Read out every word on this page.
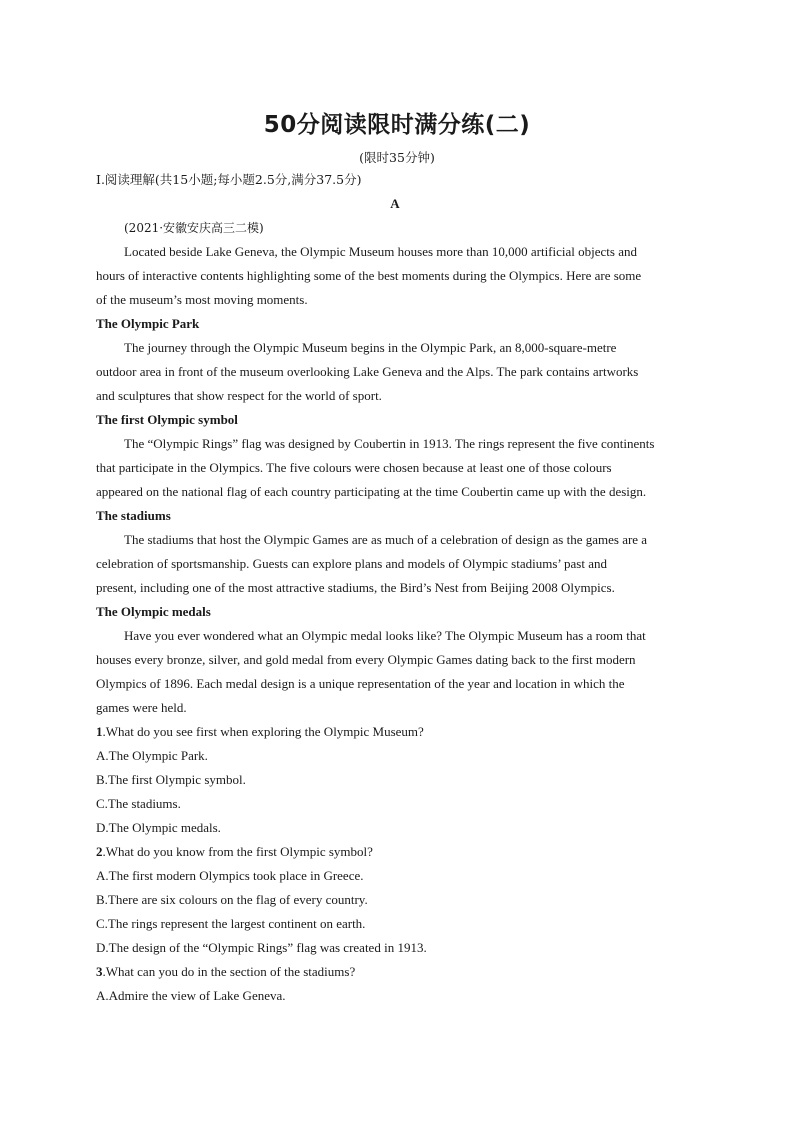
50分阅读限时满分练(二)
(限时35分钟)
Ⅰ.阅读理解(共15小题;每小题2.5分,满分37.5分)
A
(2021·安徽安庆高三二模)
Located beside Lake Geneva, the Olympic Museum houses more than 10,000 artificial objects and
hours of interactive contents highlighting some of the best moments during the Olympics. Here are some
of the museum’s most moving moments.
The Olympic Park
The journey through the Olympic Museum begins in the Olympic Park, an 8,000-square-metre
outdoor area in front of the museum overlooking Lake Geneva and the Alps. The park contains artworks
and sculptures that show respect for the world of sport.
The first Olympic symbol
The “Olympic Rings” flag was designed by Coubertin in 1913. The rings represent the five continents
that participate in the Olympics. The five colours were chosen because at least one of those colours
appeared on the national flag of each country participating at the time Coubertin came up with the design.
The stadiums
The stadiums that host the Olympic Games are as much of a celebration of design as the games are a
celebration of sportsmanship. Guests can explore plans and models of Olympic stadiums’ past and
present, including one of the most attractive stadiums, the Bird’s Nest from Beijing 2008 Olympics.
The Olympic medals
Have you ever wondered what an Olympic medal looks like? The Olympic Museum has a room that
houses every bronze, silver, and gold medal from every Olympic Games dating back to the first modern
Olympics of 1896. Each medal design is a unique representation of the year and location in which the
games were held.
1.What do you see first when exploring the Olympic Museum?
A.The Olympic Park.
B.The first Olympic symbol.
C.The stadiums.
D.The Olympic medals.
2.What do you know from the first Olympic symbol?
A.The first modern Olympics took place in Greece.
B.There are six colours on the flag of every country.
C.The rings represent the largest continent on earth.
D.The design of the “Olympic Rings” flag was created in 1913.
3.What can you do in the section of the stadiums?
A.Admire the view of Lake Geneva.
